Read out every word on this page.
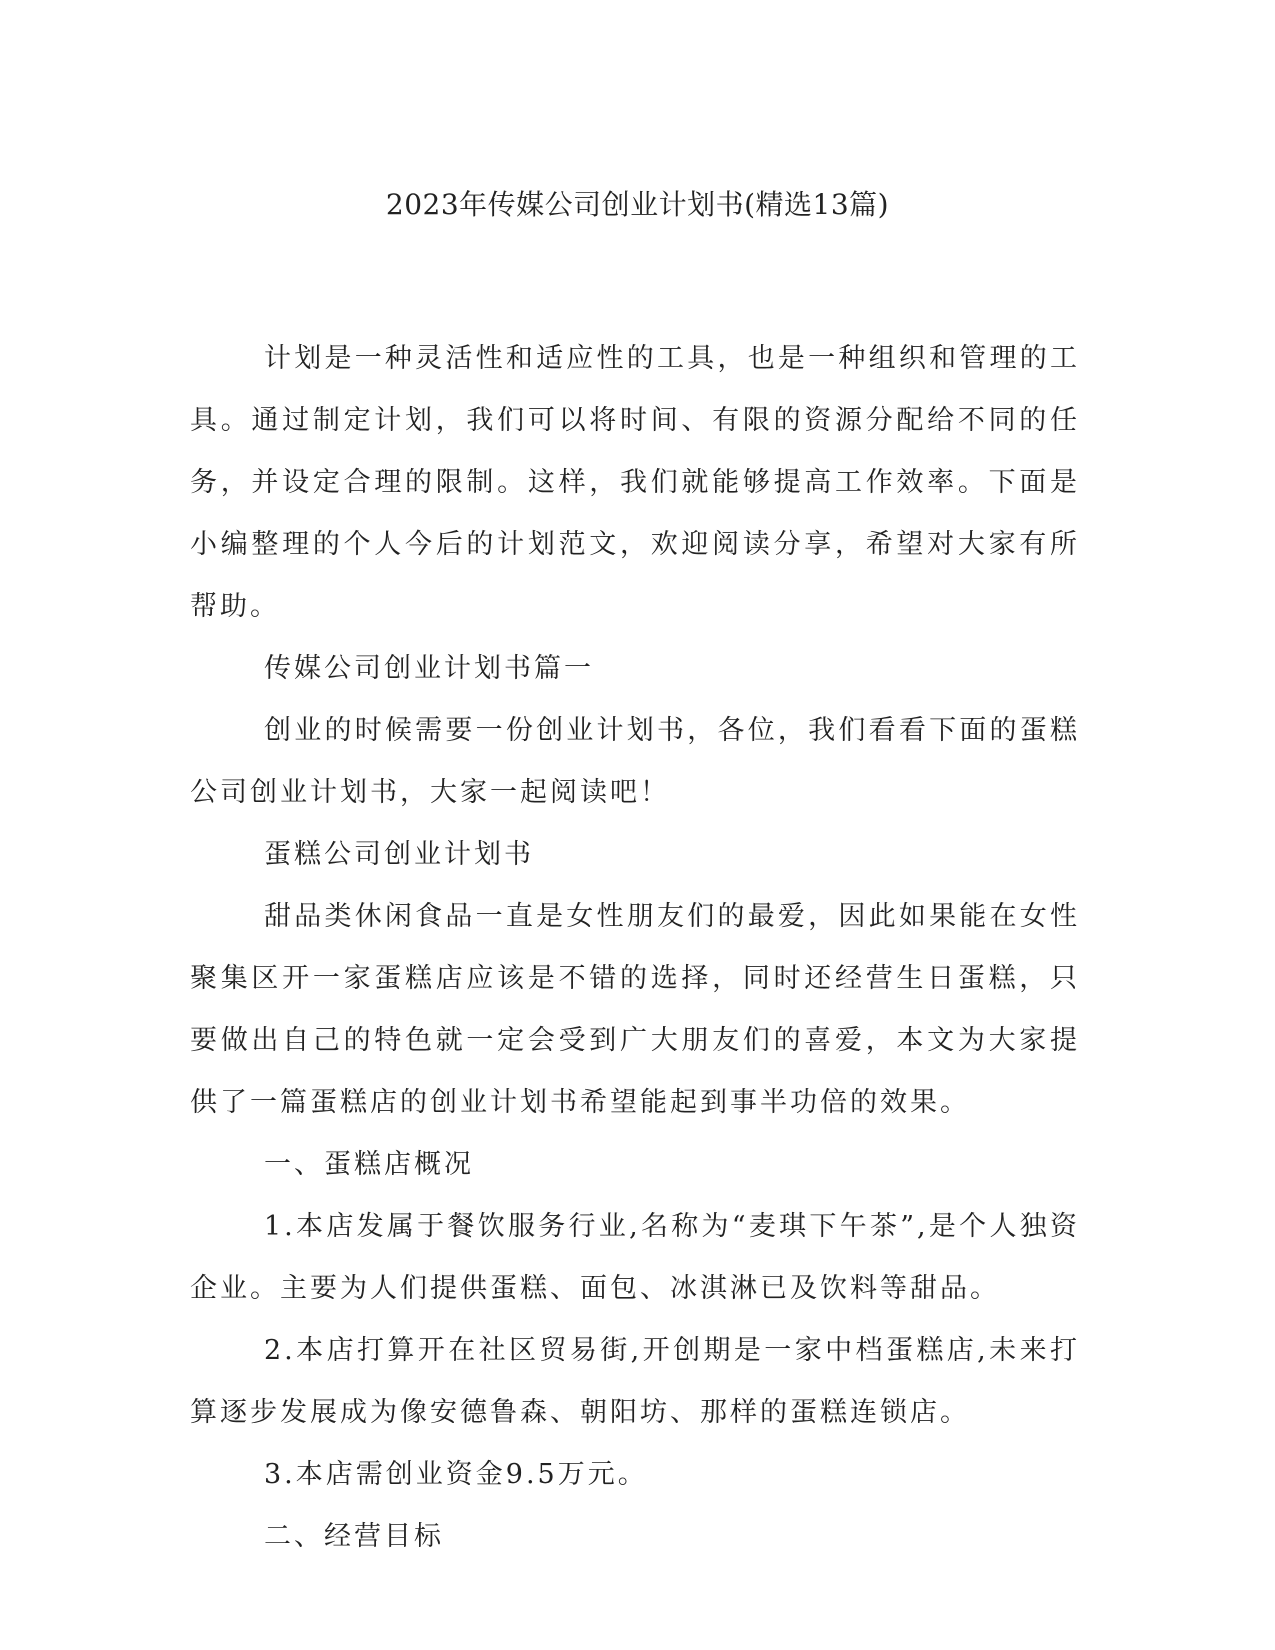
2023年传媒公司创业计划书(精选13篇)

计划是一种灵活性和适应性的工具，也是一种组织和管理的工具。通过制定计划，我们可以将时间、有限的资源分配给不同的任务，并设定合理的限制。这样，我们就能够提高工作效率。下面是小编整理的个人今后的计划范文，欢迎阅读分享，希望对大家有所帮助。

传媒公司创业计划书篇一

创业的时候需要一份创业计划书，各位，我们看看下面的蛋糕公司创业计划书，大家一起阅读吧！

蛋糕公司创业计划书

甜品类休闲食品一直是女性朋友们的最爱，因此如果能在女性聚集区开一家蛋糕店应该是不错的选择，同时还经营生日蛋糕，只要做出自己的特色就一定会受到广大朋友们的喜爱，本文为大家提供了一篇蛋糕店的创业计划书希望能起到事半功倍的效果。

一、蛋糕店概况

1.本店发属于餐饮服务行业,名称为“麦琪下午茶”,是个人独资企业。主要为人们提供蛋糕、面包、冰淇淋已及饮料等甜品。

2.本店打算开在社区贸易街,开创期是一家中档蛋糕店,未来打算逐步发展成为像安德鲁森、朝阳坊、那样的蛋糕连锁店。

3.本店需创业资金9.5万元。

二、经营目标
